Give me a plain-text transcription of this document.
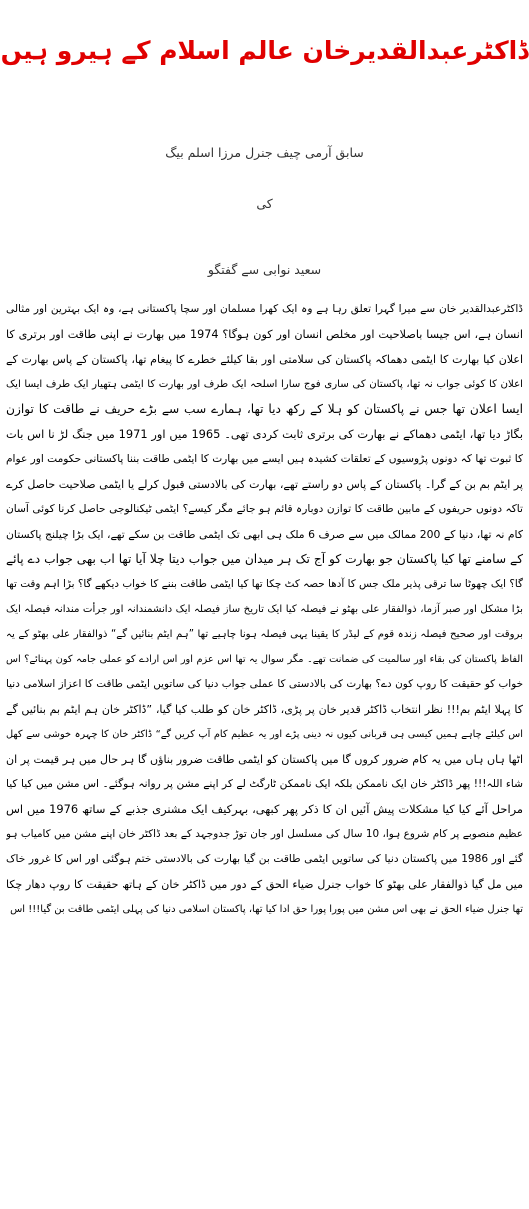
ڈاکٹرعبدالقدیرخان عالم اسلام کے ہیرو ہیں
سابق آرمی چیف جنرل مرزا اسلم بیگ
کی
سعید نوابی سے گفتگو
ڈاکٹرعبدالقدیر خان سے میرا گہرا تعلق رہا ہے وہ ایک کھرا مسلمان اور سچا پاکستانی ہے، وہ ایک بہترین اور مثالی
انسان ہے، اس جیسا باصلاحیت اور مخلص انسان اور کون ہوگا؟ 1974 میں بھارت نے اپنی طاقت اور برتری کا
اعلان کیا بھارت کا ایٹمی دھماکہ پاکستان کی سلامتی اور بقا کیلئے خطرے کا پیغام تھا، پاکستان کے پاس بھارت کے
اعلان کا کوئی جواب نہ تھا، پاکستان کی ساری فوج سارا اسلحہ ایک طرف اور بھارت کا ایٹمی ہتھیار ایک طرف ایسا ایک
ایسا اعلان تھا جس نے پاکستان کو ہلا کے رکھ دیا تھا، ہمارے سب سے بڑے حریف نے طاقت کا توازن
بگاڑ دیا تھا، ایٹمی دھماکے نے بھارت کی برتری ثابت کردی تھی۔ 1965 میں اور 1971 میں جنگ لڑ نا اس بات
کا ثبوت تھا کہ دونوں پڑوسیوں کے تعلقات کشیدہ ہیں ایسے میں بھارت کا ایٹمی طاقت بننا پاکستانی حکومت اور عوام
پر ایٹم بم بن کے گرا۔ پاکستان کے پاس دو راستے تھے، بھارت کی بالادستی قبول کرلے یا ایٹمی صلاحیت حاصل کرے
تاکہ دونوں حریفوں کے مابین طاقت کا توازن دوبارہ قائم ہو جائے مگر کیسے؟ ایٹمی ٹیکنالوجی حاصل کرنا کوئی آسان
کام نہ تھا، دنیا کے 200 ممالک میں سے صرف 6 ملک ہی ابھی تک ایٹمی طاقت بن سکے تھے، ایک بڑا چیلنج پاکستان
کے سامنے تھا کیا پاکستان جو بھارت کو آج تک ہر میدان میں جواب دیتا چلا آیا تھا اب بھی جواب دے پائے
گا؟ ایک چھوٹا سا ترقی پذیر ملک جس کا آدھا حصہ کٹ چکا تھا کیا ایٹمی طاقت بننے کا خواب دیکھے گا؟ بڑا اہم وقت تھا
بڑا مشکل اور صبر آزما، ذوالفقار علی بھٹو نے فیصلہ کیا ایک تاریخ ساز فیصلہ ایک دانشمندانہ اور جرأت مندانہ فیصلہ ایک
بروقت اور صحیح فیصلہ زندہ قوم کے لیڈر کا یقینا یہی فیصلہ ہونا چاہیے تھا ”ہم ایٹم بنائیں گے“ ذوالفقار علی بھٹو کے یہ
الفاظ پاکستان کی بقاء اور سالمیت کی ضمانت تھے۔ مگر سوال یہ تھا اس عزم اور اس ارادے کو عملی جامہ کون پہنائے؟ اس
خواب کو حقیقت کا روپ کون دے؟ بھارت کی بالادستی کا عملی جواب دنیا کی ساتویں ایٹمی طاقت کا اعزاز اسلامی دنیا
کا پہلا ایٹم بم!!! نظر انتخاب ڈاکٹر قدیر خان پر پڑی، ڈاکٹر خان کو طلب کیا گیا، ”ڈاکٹر خان ہم ایٹم بم بنائیں گے
اس کیلئے چاہے ہمیں کیسی ہی قربانی کیوں نہ دینی پڑے اور یہ عظیم کام آپ کریں گے“ ڈاکٹر خان کا چہرہ خوشی سے کھل
اٹھا ہاں ہاں میں یہ کام ضرور کروں گا میں پاکستان کو ایٹمی طاقت ضرور بناؤں گا ہر حال میں ہر قیمت پر ان
شاء اللہ!!! پھر ڈاکٹر خان ایک ناممکن بلکہ ایک ناممکن ٹارگٹ لے کر اپنے مشن پر روانہ ہوگئے۔ اس مشن میں کیا کیا
مراحل آئے کیا کیا مشکلات پیش آئیں ان کا ذکر پھر کبھی، بہرکیف ایک مشنری جذبے کے ساتھ 1976 میں اس
عظیم منصوبے پر کام شروع ہوا، 10 سال کی مسلسل اور جان توڑ جدوجہد کے بعد ڈاکٹر خان اپنے مشن میں کامیاب ہو
گئے اور 1986 میں پاکستان دنیا کی ساتویں ایٹمی طاقت بن گیا بھارت کی بالادستی ختم ہوگئی اور اس کا غرور خاک
میں مل گیا ذوالفقار علی بھٹو کا خواب جنرل ضیاء الحق کے دور میں ڈاکٹر خان کے ہاتھ حقیقت کا روپ دھار چکا
تھا جنرل ضیاء الحق نے بھی اس مشن میں پورا پورا حق ادا کیا تھا، پاکستان اسلامی دنیا کی پہلی ایٹمی طاقت بن گیا!!! اس
